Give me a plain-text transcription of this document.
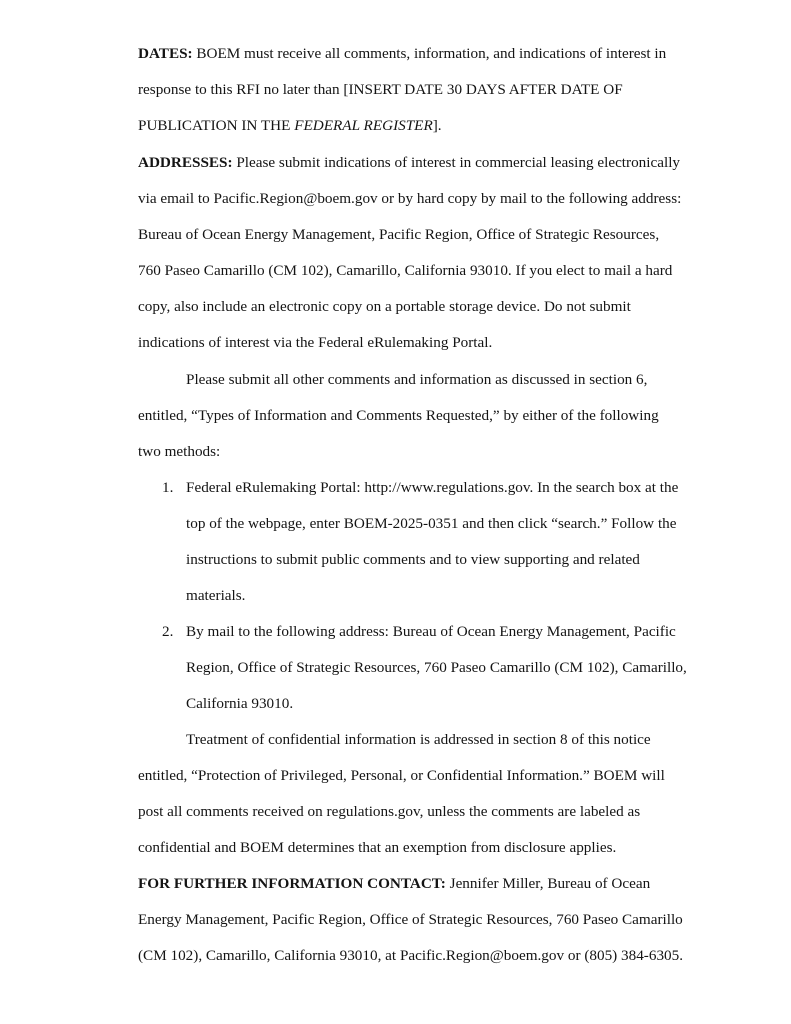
DATES: BOEM must receive all comments, information, and indications of interest in
response to this RFI no later than [INSERT DATE 30 DAYS AFTER DATE OF
PUBLICATION IN THE FEDERAL REGISTER].
ADDRESSES: Please submit indications of interest in commercial leasing electronically
via email to Pacific.Region@boem.gov or by hard copy by mail to the following address:
Bureau of Ocean Energy Management, Pacific Region, Office of Strategic Resources,
760 Paseo Camarillo (CM 102), Camarillo, California 93010. If you elect to mail a hard
copy, also include an electronic copy on a portable storage device. Do not submit
indications of interest via the Federal eRulemaking Portal.
Please submit all other comments and information as discussed in section 6,
entitled, “Types of Information and Comments Requested,” by either of the following
two methods:
1. Federal eRulemaking Portal: http://www.regulations.gov. In the search box at the
top of the webpage, enter BOEM-2025-0351 and then click “search.” Follow the
instructions to submit public comments and to view supporting and related
materials.
2. By mail to the following address: Bureau of Ocean Energy Management, Pacific
Region, Office of Strategic Resources, 760 Paseo Camarillo (CM 102), Camarillo,
California 93010.
Treatment of confidential information is addressed in section 8 of this notice
entitled, “Protection of Privileged, Personal, or Confidential Information.” BOEM will
post all comments received on regulations.gov, unless the comments are labeled as
confidential and BOEM determines that an exemption from disclosure applies.
FOR FURTHER INFORMATION CONTACT: Jennifer Miller, Bureau of Ocean
Energy Management, Pacific Region, Office of Strategic Resources, 760 Paseo Camarillo
(CM 102), Camarillo, California 93010, at Pacific.Region@boem.gov or (805) 384-6305.
